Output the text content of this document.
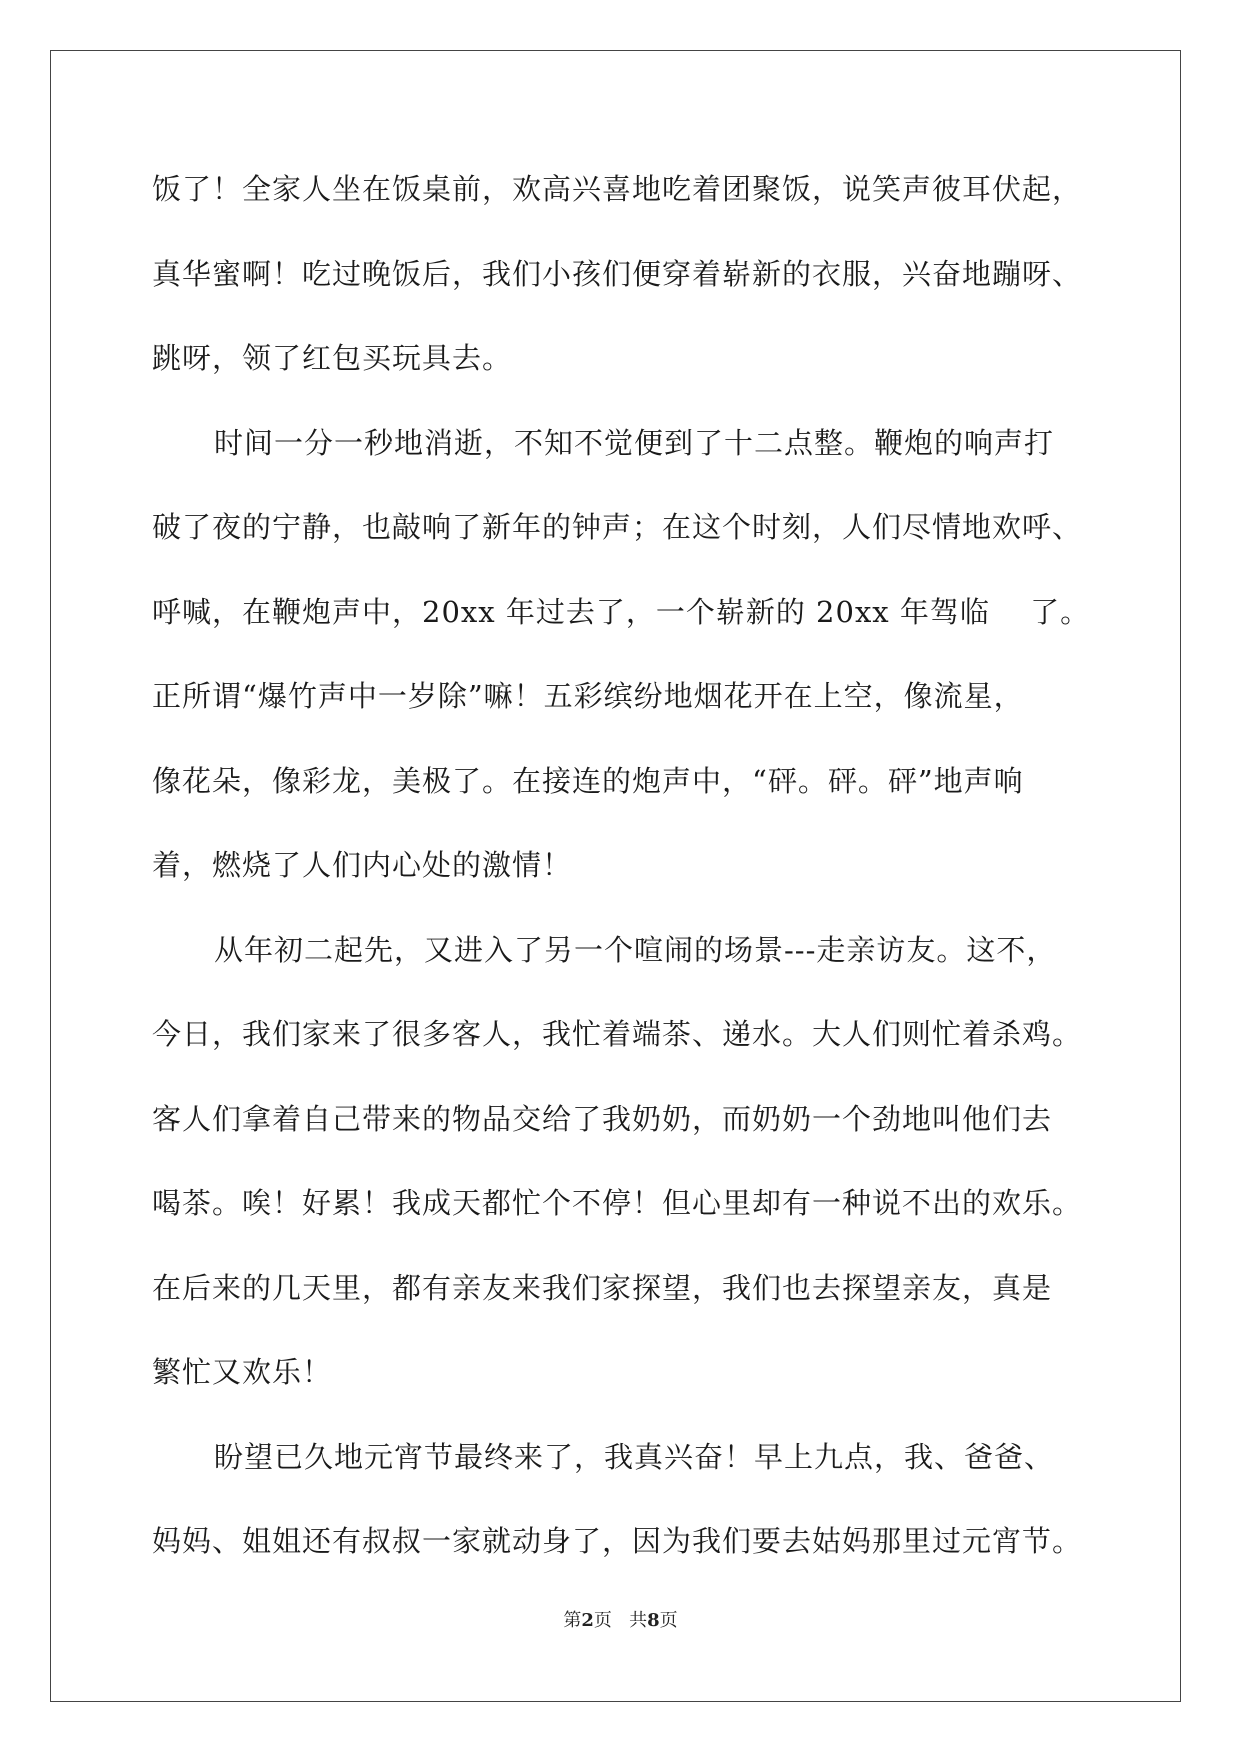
饭了！全家人坐在饭桌前，欢高兴喜地吃着团聚饭，说笑声彼耳伏起，
真华蜜啊！吃过晚饭后，我们小孩们便穿着崭新的衣服，兴奋地蹦呀、
跳呀，领了红包买玩具去。
时间一分一秒地消逝，不知不觉便到了十二点整。鞭炮的响声打
破了夜的宁静，也敲响了新年的钟声；在这个时刻，人们尽情地欢呼、
呼喊，在鞭炮声中，20xx 年过去了，一个崭新的 20xx 年驾临　 了。
正所谓“爆竹声中一岁除”嘛！五彩缤纷地烟花开在上空，像流星，
像花朵，像彩龙，美极了。在接连的炮声中，“砰。砰。砰”地声响
着，燃烧了人们内心处的激情！
从年初二起先，又进入了另一个喧闹的场景---走亲访友。这不，
今日，我们家来了很多客人，我忙着端茶、递水。大人们则忙着杀鸡。
客人们拿着自己带来的物品交给了我奶奶，而奶奶一个劲地叫他们去
喝茶。唉！好累！我成天都忙个不停！但心里却有一种说不出的欢乐。
在后来的几天里，都有亲友来我们家探望，我们也去探望亲友，真是
繁忙又欢乐！
盼望已久地元宵节最终来了，我真兴奋！早上九点，我、爸爸、
妈妈、姐姐还有叔叔一家就动身了，因为我们要去姑妈那里过元宵节。
第2页 共8页
